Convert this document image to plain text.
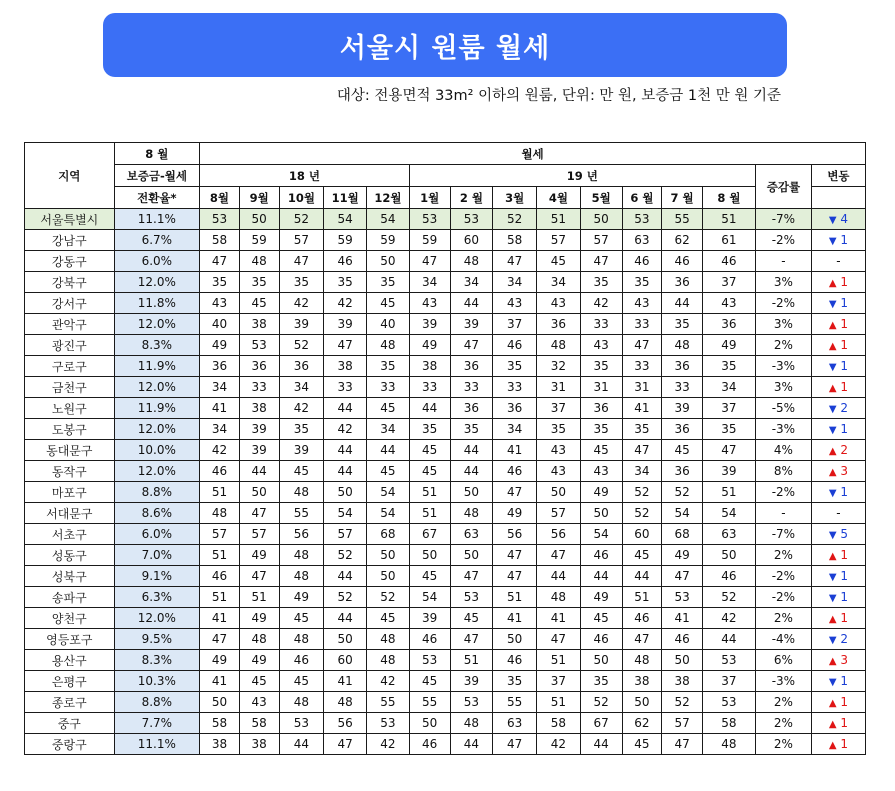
서울시 원룸 월세
대상: 전용면적 33m² 이하의 원룸, 단위: 만 원, 보증금 1천 만 원 기준
지역	8 월	월세														
	보증금-월세	18 년					19 년								증감률	변동
	전환율*	8월	9월	10월	11월	12월	1월	2 월	3월	4월	5월	6 월	7 월	8 월		
서울특별시	11.1%	53	50	52	54	54	53	53	52	51	50	53	55	51	-7%	▼ 4
강남구	6.7%	58	59	57	59	59	59	60	58	57	57	63	62	61	-2%	▼ 1
강동구	6.0%	47	48	47	46	50	47	48	47	45	47	46	46	46	-	-
강북구	12.0%	35	35	35	35	35	34	34	34	34	35	35	36	37	3%	▲ 1
강서구	11.8%	43	45	42	42	45	43	44	43	43	42	43	44	43	-2%	▼ 1
관악구	12.0%	40	38	39	39	40	39	39	37	36	33	33	35	36	3%	▲ 1
광진구	8.3%	49	53	52	47	48	49	47	46	48	43	47	48	49	2%	▲ 1
구로구	11.9%	36	36	36	38	35	38	36	35	32	35	33	36	35	-3%	▼ 1
금천구	12.0%	34	33	34	33	33	33	33	33	31	31	31	33	34	3%	▲ 1
노원구	11.9%	41	38	42	44	45	44	36	36	37	36	41	39	37	-5%	▼ 2
도봉구	12.0%	34	39	35	42	34	35	35	34	35	35	35	36	35	-3%	▼ 1
동대문구	10.0%	42	39	39	44	44	45	44	41	43	45	47	45	47	4%	▲ 2
동작구	12.0%	46	44	45	44	45	45	44	46	43	43	34	36	39	8%	▲ 3
마포구	8.8%	51	50	48	50	54	51	50	47	50	49	52	52	51	-2%	▼ 1
서대문구	8.6%	48	47	55	54	54	51	48	49	57	50	52	54	54	-	-
서초구	6.0%	57	57	56	57	68	67	63	56	56	54	60	68	63	-7%	▼ 5
성동구	7.0%	51	49	48	52	50	50	50	47	47	46	45	49	50	2%	▲ 1
성북구	9.1%	46	47	48	44	50	45	47	47	44	44	44	47	46	-2%	▼ 1
송파구	6.3%	51	51	49	52	52	54	53	51	48	49	51	53	52	-2%	▼ 1
양천구	12.0%	41	49	45	44	45	39	45	41	41	45	46	41	42	2%	▲ 1
영등포구	9.5%	47	48	48	50	48	46	47	50	47	46	47	46	44	-4%	▼ 2
용산구	8.3%	49	49	46	60	48	53	51	46	51	50	48	50	53	6%	▲ 3
은평구	10.3%	41	45	45	41	42	45	39	35	37	35	38	38	37	-3%	▼ 1
종로구	8.8%	50	43	48	48	55	55	53	55	51	52	50	52	53	2%	▲ 1
중구	7.7%	58	58	53	56	53	50	48	63	58	67	62	57	58	2%	▲ 1
중랑구	11.1%	38	38	44	47	42	46	44	47	42	44	45	47	48	2%	▲ 1
